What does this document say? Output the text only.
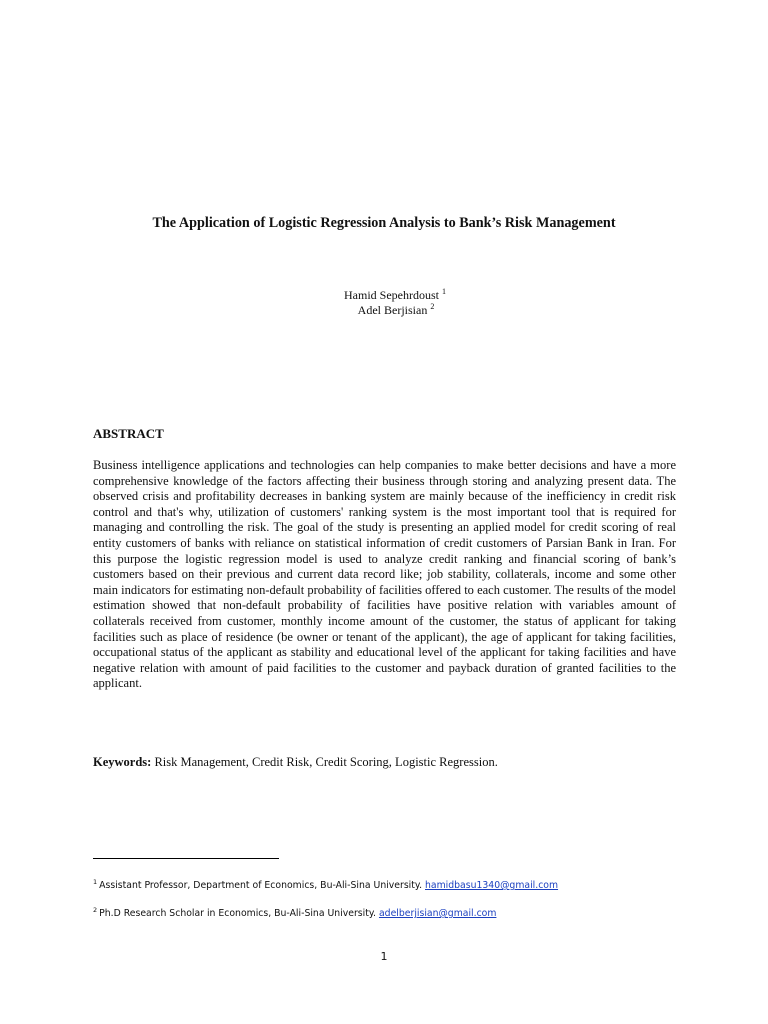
The Application of Logistic Regression Analysis to Bank’s Risk Management
Hamid Sepehrdoust $^1$
Adel Berjisian $^2$
ABSTRACT
Business intelligence applications and technologies can help companies to make better decisions and have a more comprehensive knowledge of the factors affecting their business through storing and analyzing present data. The observed crisis and profitability decreases in banking system are mainly because of the inefficiency in credit risk control and that's why, utilization of customers' ranking system is the most important tool that is required for managing and controlling the risk. The goal of the study is presenting an applied model for credit scoring of real entity customers of banks with reliance on statistical information of credit customers of Parsian Bank in Iran. For this purpose the logistic regression model is used to analyze credit ranking and financial scoring of bank’s customers based on their previous and current data record like; job stability, collaterals, income and some other main indicators for estimating non-default probability of facilities offered to each customer. The results of the model estimation showed that non-default probability of facilities have positive relation with variables amount of collaterals received from customer, monthly income amount of the customer, the status of applicant for taking facilities such as place of residence (be owner or tenant of the applicant), the age of applicant for taking facilities, occupational status of the applicant as stability and educational level of the applicant for taking facilities and have negative relation with amount of paid facilities to the customer and payback duration of granted facilities to the applicant.
Keywords: Risk Management, Credit Risk, Credit Scoring, Logistic Regression.
$^1$ Assistant Professor, Department of Economics, Bu-Ali-Sina University. hamidbasu1340@gmail.com
$^2$ Ph.D Research Scholar in Economics, Bu-Ali-Sina University. adelberjisian@gmail.com
1
